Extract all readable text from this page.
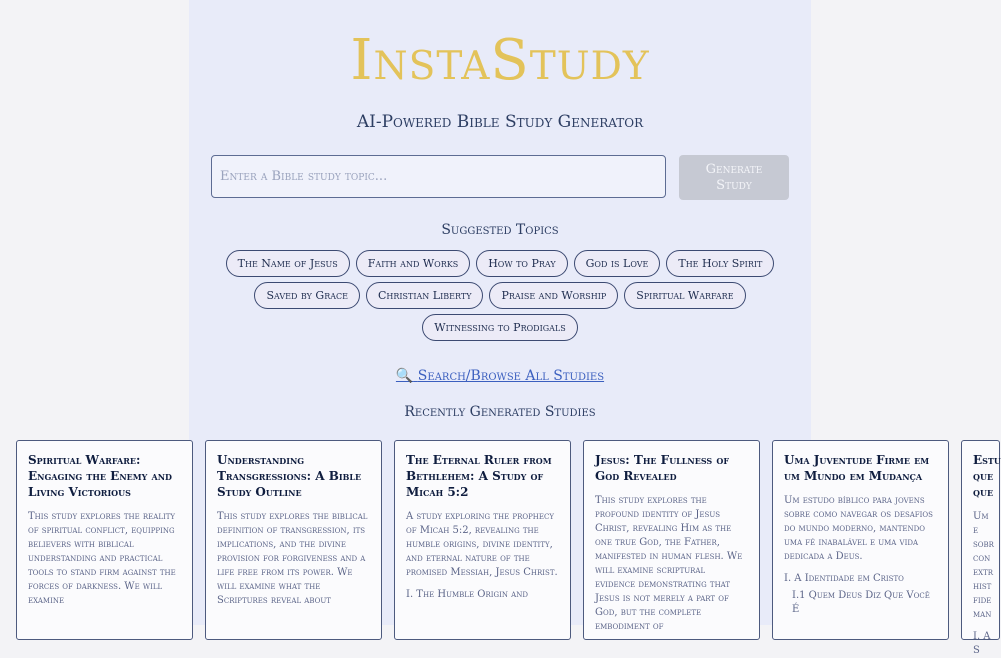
InstaStudy
AI-Powered Bible Study Generator
Enter a Bible study topic...
Generate Study
Suggested Topics
The Name of Jesus	Faith and Works	How to Pray	God is Love	The Holy Spirit
Saved by Grace	Christian Liberty	Praise and Worship	Spiritual Warfare
Witnessing to Prodigals
🔍 Search/Browse All Studies
Recently Generated Studies
Spiritual Warfare: Engaging the Enemy and Living Victorious
This study explores the reality of spiritual conflict, equipping believers with biblical understanding and practical tools to stand firm against the forces of darkness. We will examine
Understanding Transgressions: A Bible Study Outline
This study explores the biblical definition of transgression, its implications, and the divine provision for forgiveness and a life free from its power. We will examine what the Scriptures reveal about
The Eternal Ruler from Bethlehem: A Study of Micah 5:2
A study exploring the prophecy of Micah 5:2, revealing the humble origins, divine identity, and eternal nature of the promised Messiah, Jesus Christ.
I. The Humble Origin and
Jesus: The Fullness of God Revealed
This study explores the profound identity of Jesus Christ, revealing Him as the one true God, the Father, manifested in human flesh. We will examine scriptural evidence demonstrating that Jesus is not merely a part of God, but the complete embodiment of
Uma Juventude Firme em um Mundo em Mudança
Um estudo bíblico para jovens sobre como navegar os desafios do mundo moderno, mantendo uma fé inabalável e uma vida dedicada a Deus.
I. A Identidade em Cristo
I.1 Quem Deus Diz Que Você É
Estu que que
Um e sobr con extr hist fide man
I. A S
